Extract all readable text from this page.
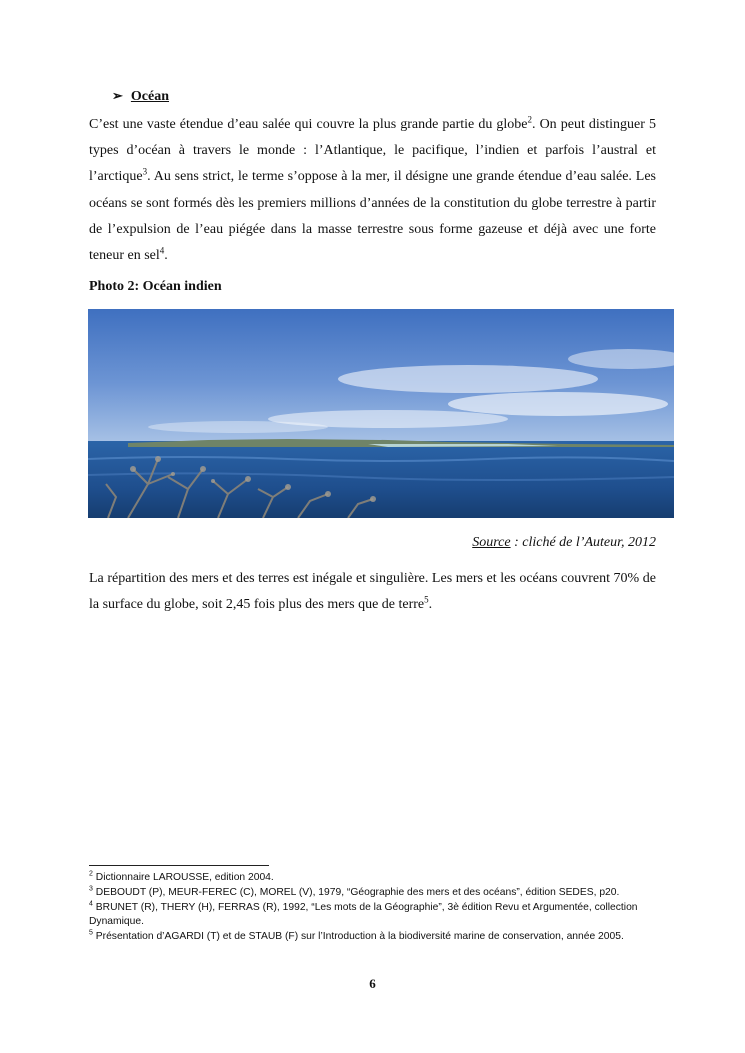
➢ Océan

C’est une vaste étendue d’eau salée qui couvre la plus grande partie du globe$^2$. On peut distinguer 5 types d’océan à travers le monde : l’Atlantique, le pacifique, l’indien et parfois l’austral et l’arctique$^3$. Au sens strict, le terme s’oppose à la mer, il désigne une grande étendue d’eau salée. Les océans se sont formés dès les premiers millions d’années de la constitution du globe terrestre à partir de l’expulsion de l’eau piégée dans la masse terrestre sous forme gazeuse et déjà avec une forte teneur en sel$^4$.

Photo 2: Océan indien
Source : cliché de l’Auteur, 2012

La répartition des mers et des terres est inégale et singulière. Les mers et les océans couvrent 70% de la surface du globe, soit 2,45 fois plus des mers que de terre$^5$.

$^2$ Dictionnaire LAROUSSE, edition 2004.

$^3$ DEBOUDT (P), MEUR-FEREC (C), MOREL (V), 1979, “Géographie des mers et des océans”, édition SEDES, p20.

$^4$ BRUNET (R), THERY (H), FERRAS (R), 1992, “Les mots de la Géographie”, 3è édition Revu et Argumentée, collection Dynamique.

$^5$ Présentation d’AGARDI (T) et de STAUB (F) sur l’Introduction à la biodiversité marine de conservation, année 2005.

6
